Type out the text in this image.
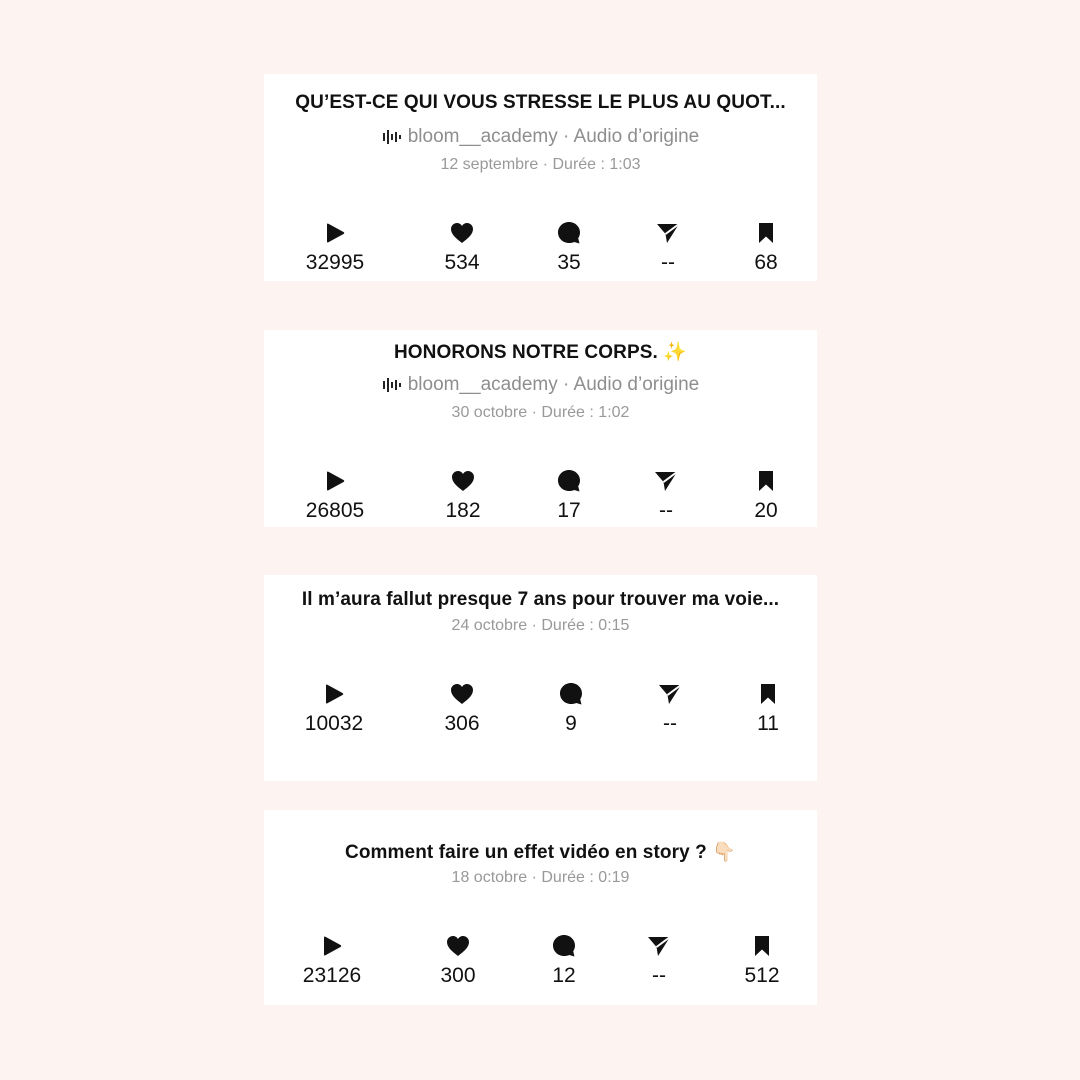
QU’EST-CE QUI VOUS STRESSE LE PLUS AU QUOT...
bloom__academy · Audio d’origine
12 septembre · Durée : 1:03
32995	534	35	--	68
HONORONS NOTRE CORPS. ✨
bloom__academy · Audio d’origine
30 octobre · Durée : 1:02
26805	182	17	--	20
Il m’aura fallut presque 7 ans pour trouver ma voie...
24 octobre · Durée : 0:15
10032	306	9	--	11
Comment faire un effet vidéo en story ? 👇🏻
18 octobre · Durée : 0:19
23126	300	12	--	512
